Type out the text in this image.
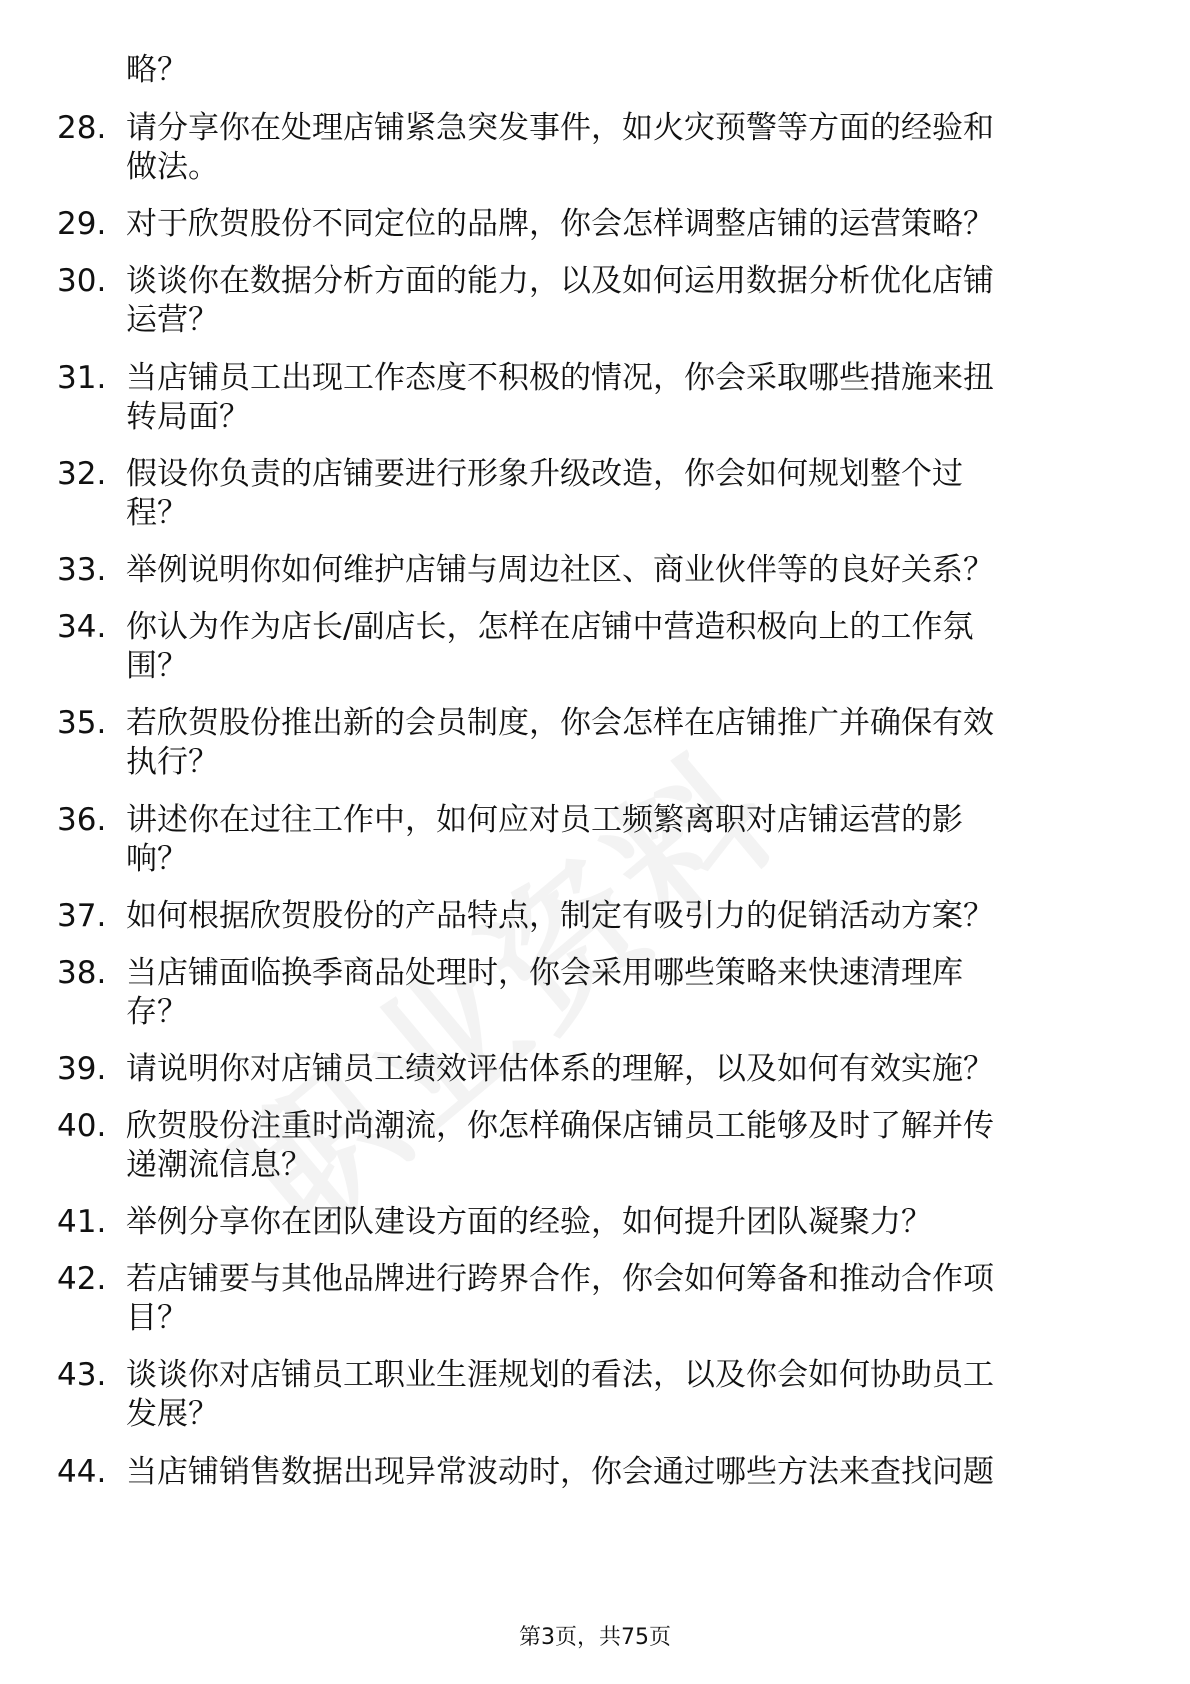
略？

28. 请分享你在处理店铺紧急突发事件，如火灾预警等方面的经验和
做法。

29. 对于欣贺股份不同定位的品牌，你会怎样调整店铺的运营策略？

30. 谈谈你在数据分析方面的能力，以及如何运用数据分析优化店铺
运营？

31. 当店铺员工出现工作态度不积极的情况，你会采取哪些措施来扭
转局面？

32. 假设你负责的店铺要进行形象升级改造，你会如何规划整个过
程？

33. 举例说明你如何维护店铺与周边社区、商业伙伴等的良好关系？

34. 你认为作为店长/副店长，怎样在店铺中营造积极向上的工作氛
围？

35. 若欣贺股份推出新的会员制度，你会怎样在店铺推广并确保有效
执行？

36. 讲述你在过往工作中，如何应对员工频繁离职对店铺运营的影
响？

37. 如何根据欣贺股份的产品特点，制定有吸引力的促销活动方案？

38. 当店铺面临换季商品处理时，你会采用哪些策略来快速清理库
存？

39. 请说明你对店铺员工绩效评估体系的理解，以及如何有效实施？

40. 欣贺股份注重时尚潮流，你怎样确保店铺员工能够及时了解并传
递潮流信息？

41. 举例分享你在团队建设方面的经验，如何提升团队凝聚力？

42. 若店铺要与其他品牌进行跨界合作，你会如何筹备和推动合作项
目？

43. 谈谈你对店铺员工职业生涯规划的看法，以及你会如何协助员工
发展？

44. 当店铺销售数据出现异常波动时，你会通过哪些方法来查找问题

第3页，共75页
